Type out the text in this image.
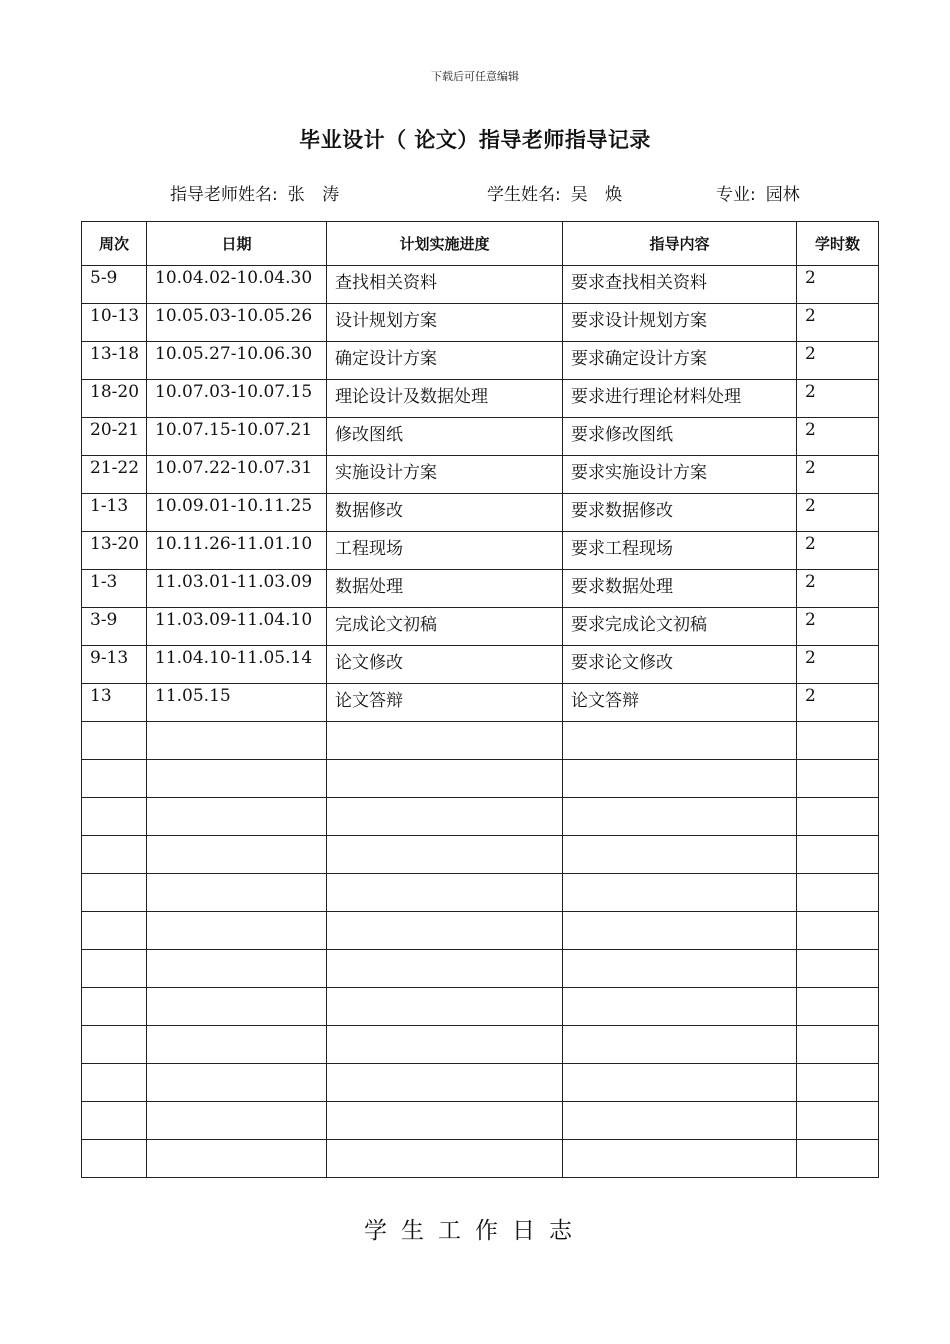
下载后可任意编辑
毕业设计（ 论文）指导老师指导记录
指导老师姓名: 张 涛	学生姓名: 吴 焕	专业: 园林
周次	日期	计划实施进度	指导内容	学时数
5-9	10.04.02-10.04.30	查找相关资料	要求查找相关资料	2
10-13	10.05.03-10.05.26	设计规划方案	要求设计规划方案	2
13-18	10.05.27-10.06.30	确定设计方案	要求确定设计方案	2
18-20	10.07.03-10.07.15	理论设计及数据处理	要求进行理论材料处理	2
20-21	10.07.15-10.07.21	修改图纸	要求修改图纸	2
21-22	10.07.22-10.07.31	实施设计方案	要求实施设计方案	2
1-13	10.09.01-10.11.25	数据修改	要求数据修改	2
13-20	10.11.26-11.01.10	工程现场	要求工程现场	2
1-3	11.03.01-11.03.09	数据处理	要求数据处理	2
3-9	11.03.09-11.04.10	完成论文初稿	要求完成论文初稿	2
9-13	11.04.10-11.05.14	论文修改	要求论文修改	2
13	11.05.15	论文答辩	论文答辩	2

学生工作日志
